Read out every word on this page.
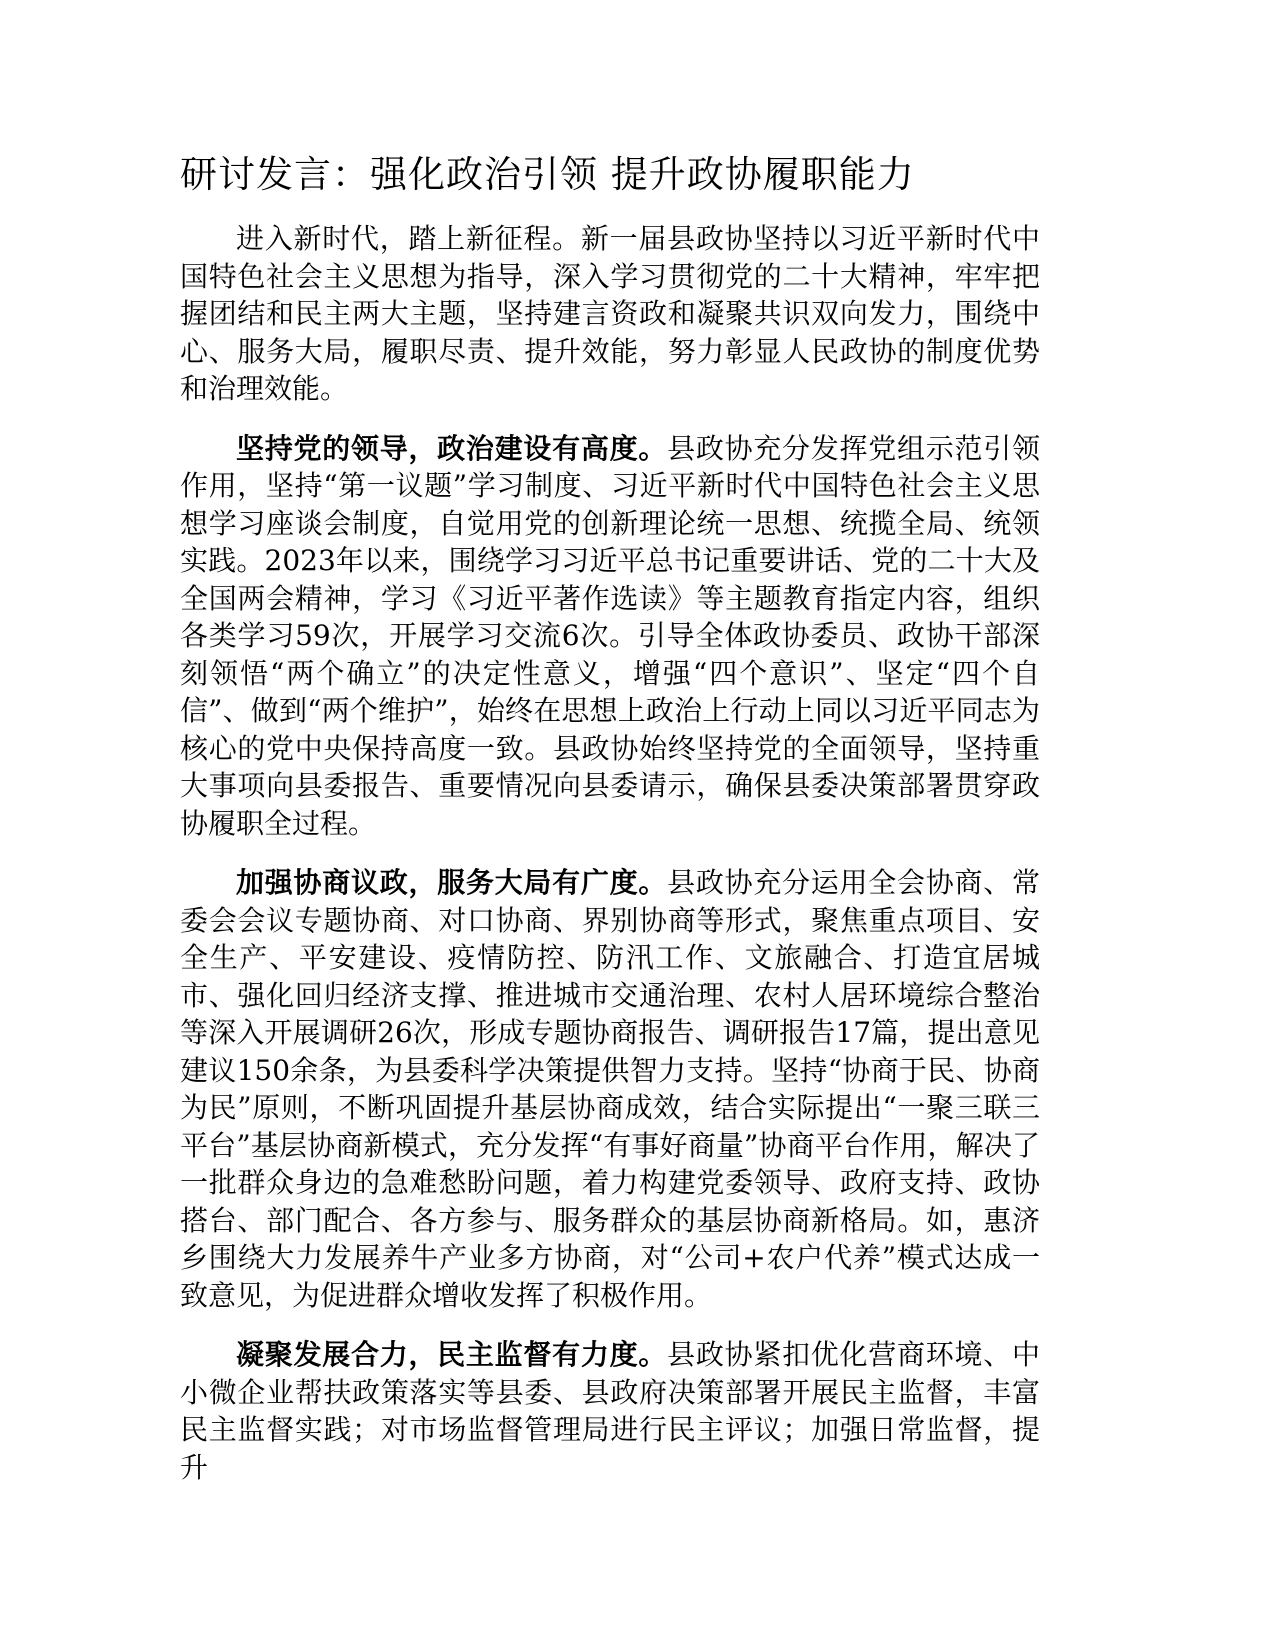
研讨发言：强化政治引领 提升政协履职能力

进入新时代，踏上新征程。新一届县政协坚持以习近平新时代中国特色社会主义思想为指导，深入学习贯彻党的二十大精神，牢牢把握团结和民主两大主题，坚持建言资政和凝聚共识双向发力，围绕中心、服务大局，履职尽责、提升效能，努力彰显人民政协的制度优势和治理效能。

坚持党的领导，政治建设有高度。县政协充分发挥党组示范引领作用，坚持“第一议题”学习制度、习近平新时代中国特色社会主义思想学习座谈会制度，自觉用党的创新理论统一思想、统揽全局、统领实践。2023年以来，围绕学习习近平总书记重要讲话、党的二十大及全国两会精神，学习《习近平著作选读》等主题教育指定内容，组织各类学习59次，开展学习交流6次。引导全体政协委员、政协干部深刻领悟“两个确立”的决定性意义，增强“四个意识”、坚定“四个自信”、做到“两个维护”，始终在思想上政治上行动上同以习近平同志为核心的党中央保持高度一致。县政协始终坚持党的全面领导，坚持重大事项向县委报告、重要情况向县委请示，确保县委决策部署贯穿政协履职全过程。

加强协商议政，服务大局有广度。县政协充分运用全会协商、常委会会议专题协商、对口协商、界别协商等形式，聚焦重点项目、安全生产、平安建设、疫情防控、防汛工作、文旅融合、打造宜居城市、强化回归经济支撑、推进城市交通治理、农村人居环境综合整治等深入开展调研26次，形成专题协商报告、调研报告17篇，提出意见建议150余条，为县委科学决策提供智力支持。坚持“协商于民、协商为民”原则，不断巩固提升基层协商成效，结合实际提出“一聚三联三平台”基层协商新模式，充分发挥“有事好商量”协商平台作用，解决了一批群众身边的急难愁盼问题，着力构建党委领导、政府支持、政协搭台、部门配合、各方参与、服务群众的基层协商新格局。如，惠济乡围绕大力发展养牛产业多方协商，对“公司+农户代养”模式达成一致意见，为促进群众增收发挥了积极作用。

凝聚发展合力，民主监督有力度。县政协紧扣优化营商环境、中小微企业帮扶政策落实等县委、县政府决策部署开展民主监督，丰富民主监督实践；对市场监督管理局进行民主评议；加强日常监督，提升
